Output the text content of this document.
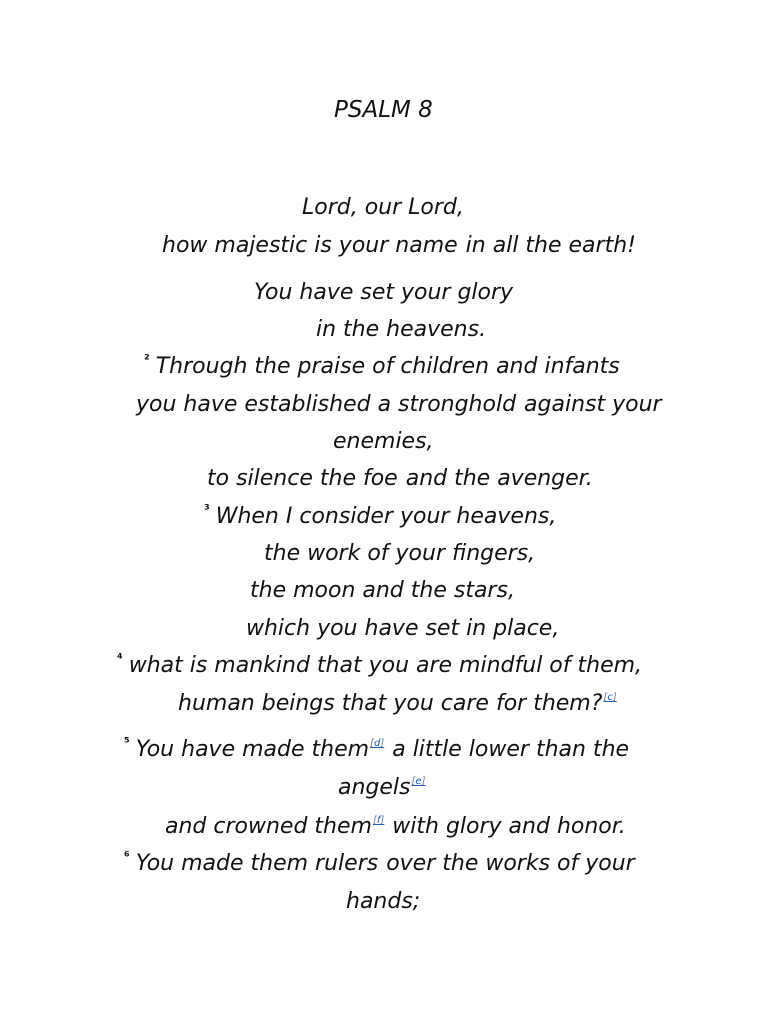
PSALM 8
Lord, our Lord,
how majestic is your name in all the earth!
You have set your glory
in the heavens.
$^{^2}$ Through the praise of children and infants
you have established a stronghold against your
enemies,
to silence the foe and the avenger.
$^{^3}$ When I consider your heavens,
the work of your fingers,
the moon and the stars,
which you have set in place,
$^{^4}$ what is mankind that you are mindful of them,
human beings that you care for them?[c]
$^{^5}$ You have made them[d] a little lower than the
angels[e]
and crowned them[f] with glory and honor.
$^{^6}$ You made them rulers over the works of your
hands;
